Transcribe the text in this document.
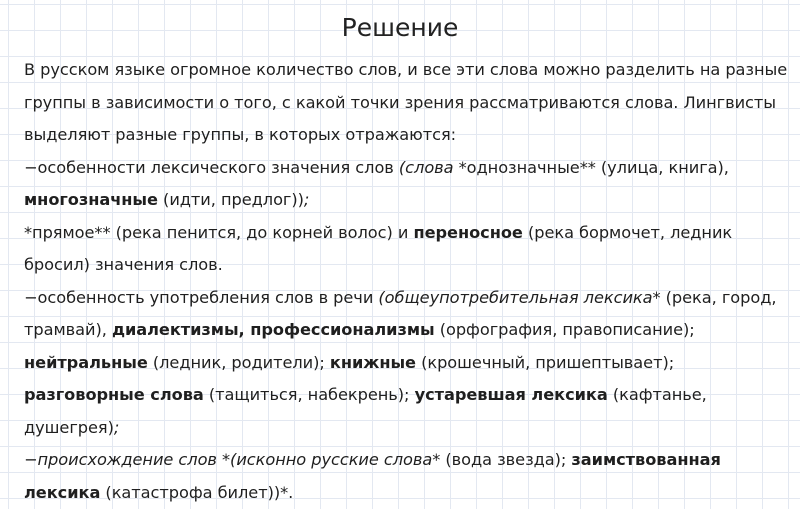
Решение

В русском языке огромное количество слов, и все эти слова можно разделить на разные группы в зависимости о того, с какой точки зрения рассматриваются слова. Лингвисты выделяют разные группы, в которых отражаются:

−особенности лексического значения слов (слова *однозначные** (улица, книга), многозначные (идти, предлог));

*прямое** (река пенится, до корней волос) и переносное (река бормочет, ледник бросил) значения слов.

−особенность употребления слов в речи (общеупотребительная лексика* (река, город, трамвай), диалектизмы, профессионализмы (орфография, правописание); нейтральные (ледник, родители); книжные (крошечный, пришептывает); разговорные слова (тащиться, набекрень); устаревшая лексика (кафтанье, душегрея);

−происхождение слов *(исконно русские слова* (вода звезда); заимствованная лексика (катастрофа билет))*.
